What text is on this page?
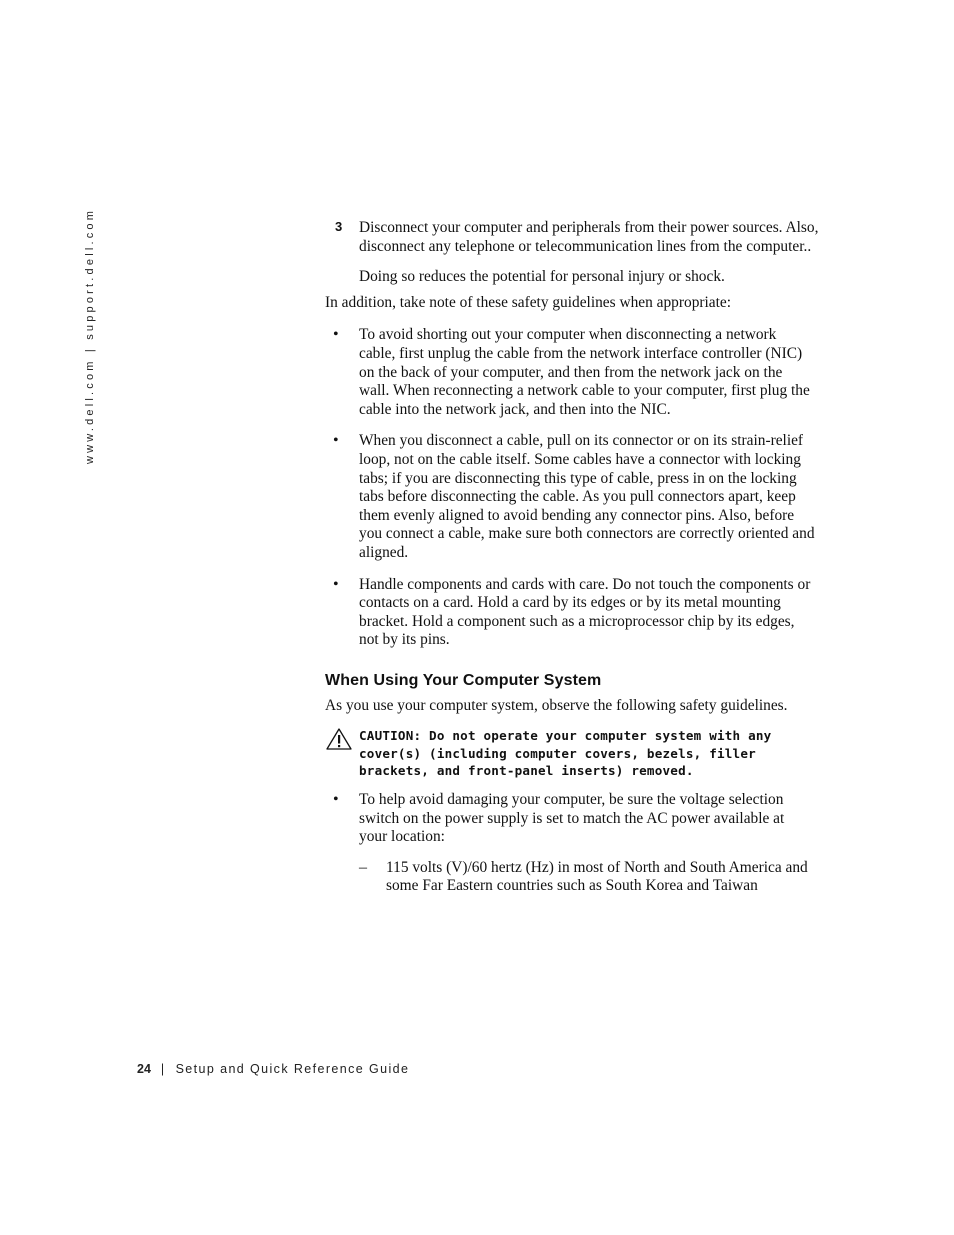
www.dell.com | support.dell.com	3 Disconnect your computer and peripherals from their power sources. Also, disconnect any telephone or telecommunication lines from the computer..

Doing so reduces the potential for personal injury or shock.

In addition, take note of these safety guidelines when appropriate:

• To avoid shorting out your computer when disconnecting a network cable, first unplug the cable from the network interface controller (NIC) on the back of your computer, and then from the network jack on the wall. When reconnecting a network cable to your computer, first plug the cable into the network jack, and then into the NIC.

• When you disconnect a cable, pull on its connector or on its strain-relief loop, not on the cable itself. Some cables have a connector with locking tabs; if you are disconnecting this type of cable, press in on the locking tabs before disconnecting the cable. As you pull connectors apart, keep them evenly aligned to avoid bending any connector pins. Also, before you connect a cable, make sure both connectors are correctly oriented and aligned.

• Handle components and cards with care. Do not touch the components or contacts on a card. Hold a card by its edges or by its metal mounting bracket. Hold a component such as a microprocessor chip by its edges, not by its pins.

When Using Your Computer System

As you use your computer system, observe the following safety guidelines.

CAUTION: Do not operate your computer system with any cover(s) (including computer covers, bezels, filler brackets, and front-panel inserts) removed.

• To help avoid damaging your computer, be sure the voltage selection switch on the power supply is set to match the AC power available at your location:

– 115 volts (V)/60 hertz (Hz) in most of North and South America and some Far Eastern countries such as South Korea and Taiwan

24 | Setup and Quick Reference Guide
